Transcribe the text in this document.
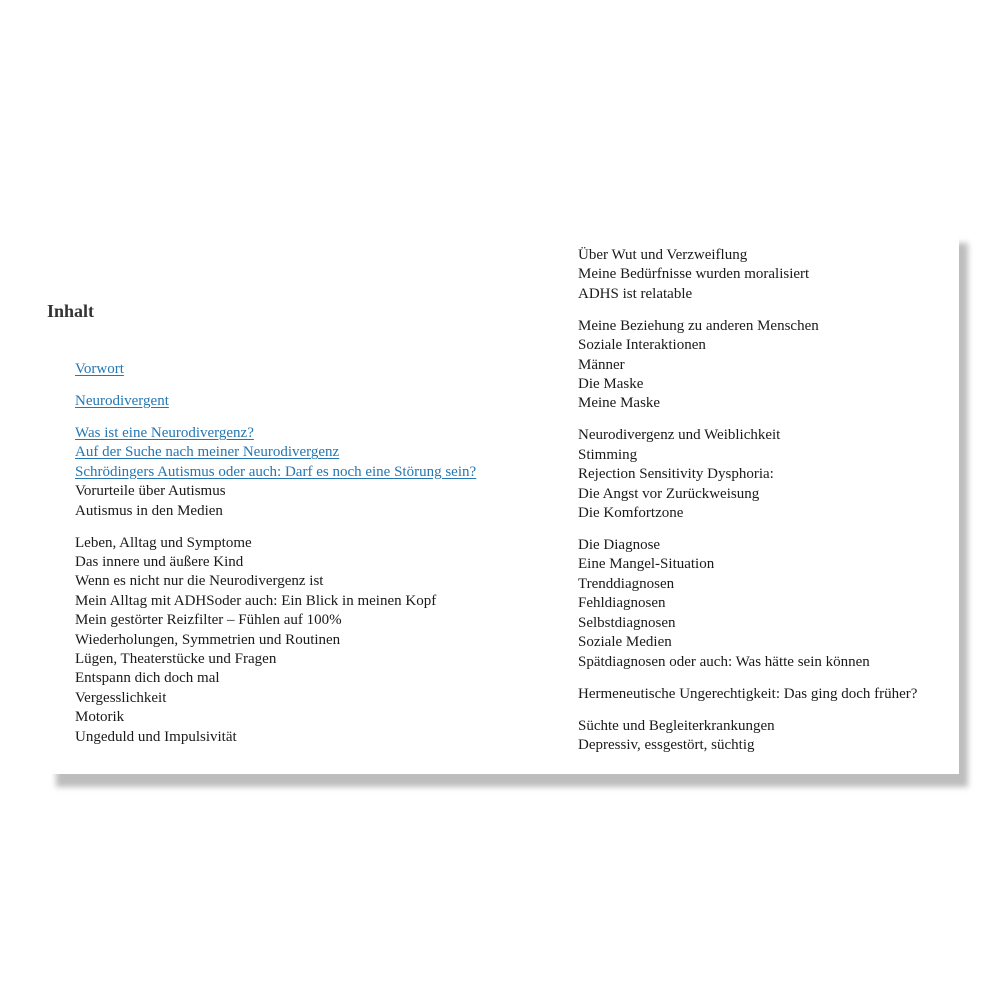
Inhalt
Vorwort
Neurodivergent
Was ist eine Neurodivergenz?
Auf der Suche nach meiner Neurodivergenz
Schrödingers Autismus oder auch: Darf es noch eine Störung sein?
Vorurteile über Autismus
Autismus in den Medien
Leben, Alltag und Symptome
Das innere und äußere Kind
Wenn es nicht nur die Neurodivergenz ist
Mein Alltag mit ADHSoder auch: Ein Blick in meinen Kopf
Mein gestörter Reizfilter – Fühlen auf 100%
Wiederholungen, Symmetrien und Routinen
Lügen, Theaterstücke und Fragen
Entspann dich doch mal
Vergesslichkeit
Motorik
Ungeduld und Impulsivität
Über Wut und Verzweiflung
Meine Bedürfnisse wurden moralisiert
ADHS ist relatable
Meine Beziehung zu anderen Menschen
Soziale Interaktionen
Männer
Die Maske
Meine Maske
Neurodivergenz und Weiblichkeit
Stimming
Rejection Sensitivity Dysphoria:
Die Angst vor Zurückweisung
Die Komfortzone
Die Diagnose
Eine Mangel-Situation
Trenddiagnosen
Fehldiagnosen
Selbstdiagnosen
Soziale Medien
Spätdiagnosen oder auch: Was hätte sein können
Hermeneutische Ungerechtigkeit: Das ging doch früher?
Süchte und Begleiterkrankungen
Depressiv, essgestört, süchtig
